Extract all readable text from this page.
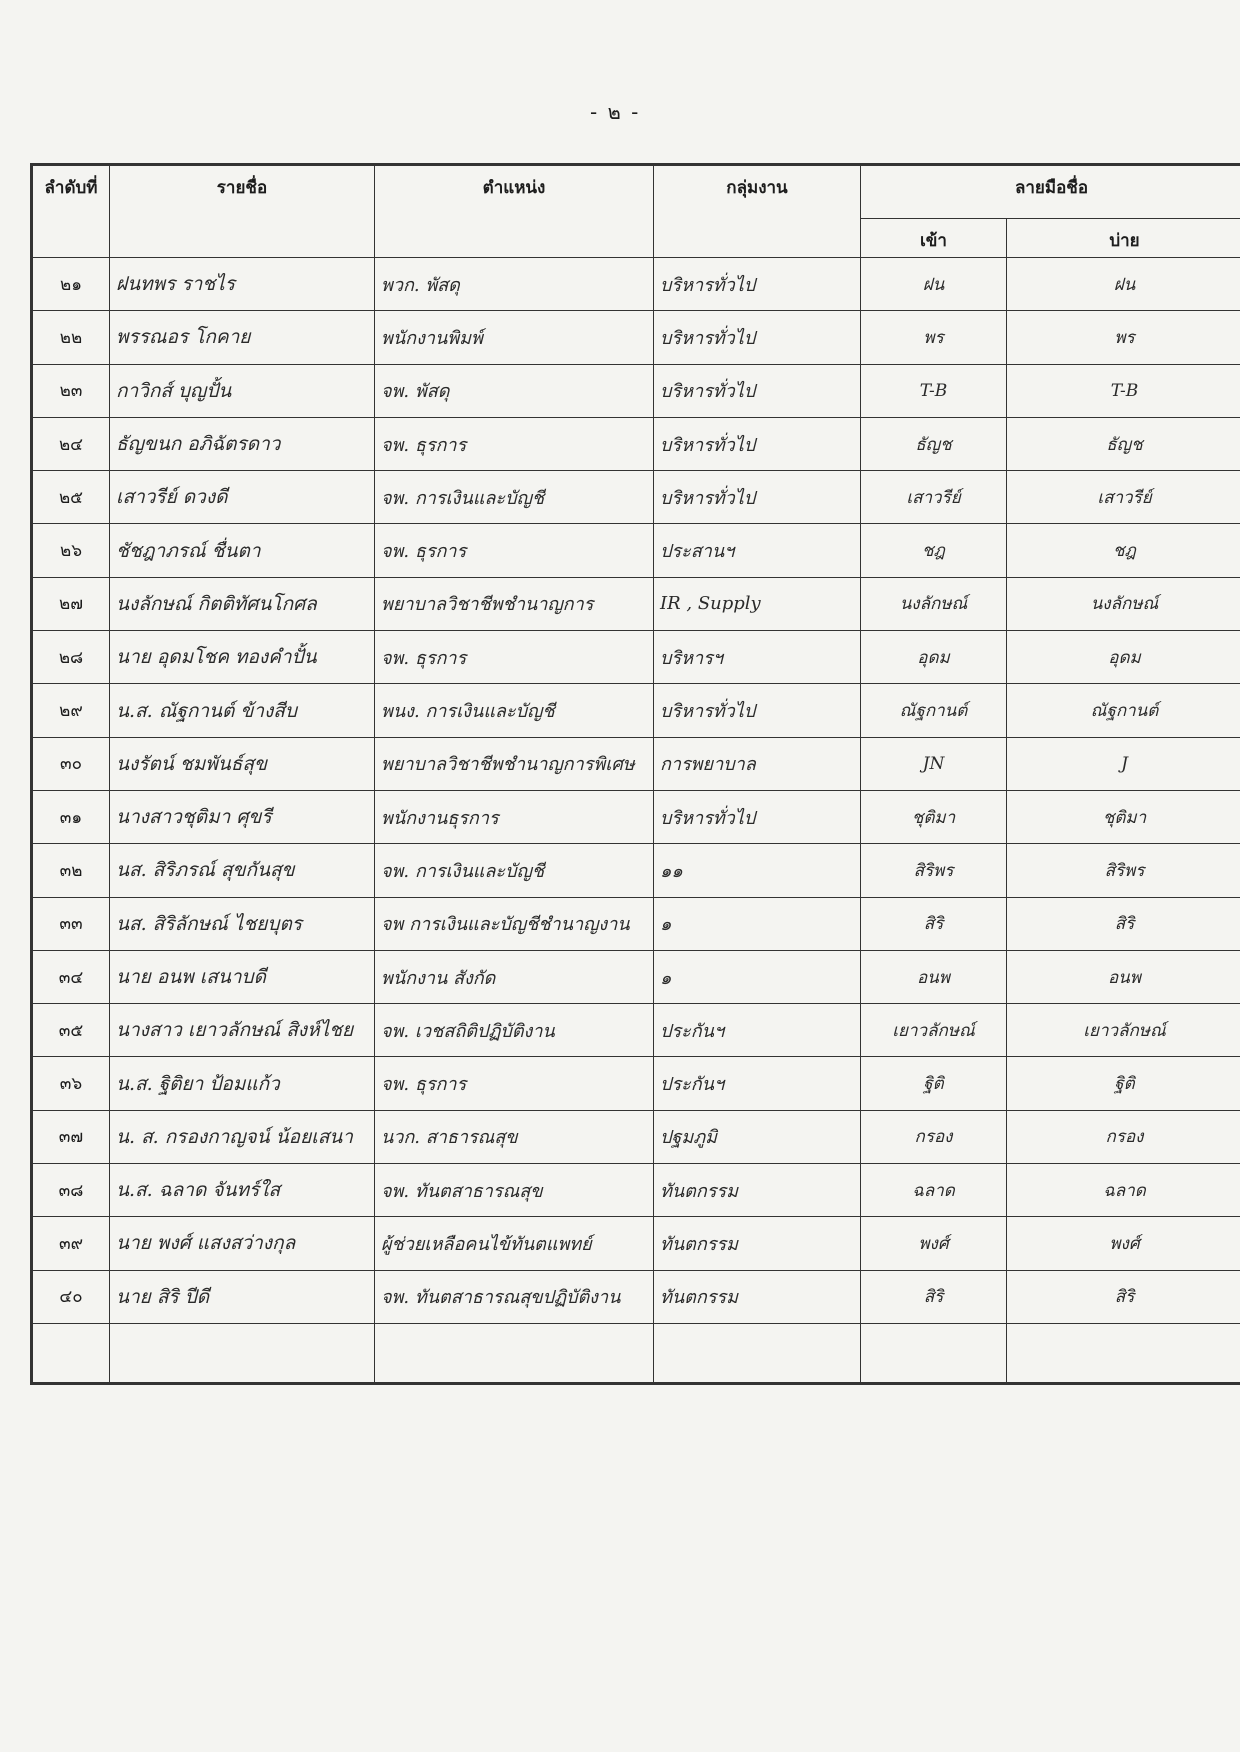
- ๒ -
ลำดับที่	รายชื่อ	ตำแหน่ง	กลุ่มงาน	ลายมือชื่อ	
				เข้า	บ่าย
๒๑	ฝนทพร ราชไร	พวก. พัสดุ	บริหารทั่วไป	ฝน	ฝน
๒๒	พรรณอร โกคาย	พนักงานพิมพ์	บริหารทั่วไป	พร	พร
๒๓	กาวิกส์ บุญปั้น	จพ. พัสดุ	บริหารทั่วไป	T-B	T-B
๒๔	ธัญขนก อภิฉัตรดาว	จพ. ธุรการ	บริหารทั่วไป	ธัญช	ธัญช
๒๕	เสาวรีย์ ดวงดี	จพ. การเงินและบัญชี	บริหารทั่วไป	เสาวรีย์	เสาวรีย์
๒๖	ชัชฎาภรณ์ ชื่นตา	จพ. ธุรการ	ประสานฯ	ชฎ	ชฎ
๒๗	นงลักษณ์ กิตติทัศนโกศล	พยาบาลวิชาชีพชำนาญการ	IR , Supply	นงลักษณ์	นงลักษณ์
๒๘	นาย อุดมโชค ทองคำปั้น	จพ. ธุรการ	บริหารฯ	อุดม	อุดม
๒๙	น.ส. ณัฐกานต์ ข้างสีบ	พนง. การเงินและบัญชี	บริหารทั่วไป	ณัฐกานต์	ณัฐกานต์
๓๐	นงรัตน์ ชมพันธ์สุข	พยาบาลวิชาชีพชำนาญการพิเศษ	การพยาบาล	JN	J
๓๑	นางสาวชุติมา ศุขรี	พนักงานธุรการ	บริหารทั่วไป	ชุติมา	ชุติมา
๓๒	นส. สิริภรณ์ สุขกันสุข	จพ. การเงินและบัญชี	๑๑	สิริพร	สิริพร
๓๓	นส. สิริลักษณ์ ไชยบุตร	จพ การเงินและบัญชีชำนาญงาน	๑	สิริ	สิริ
๓๔	นาย อนพ เสนาบดี	พนักงาน สังกัด	๑	อนพ	อนพ
๓๕	นางสาว เยาวลักษณ์ สิงห์ไชย	จพ. เวชสถิติปฏิบัติงาน	ประกันฯ	เยาวลักษณ์	เยาวลักษณ์
๓๖	น.ส. ฐิติยา ป้อมแก้ว	จพ. ธุรการ	ประกันฯ	ฐิติ	ฐิติ
๓๗	น. ส. กรองกาญจน์ น้อยเสนา	นวก. สาธารณสุข	ปฐมภูมิ	กรอง	กรอง
๓๘	น.ส. ฉลาด จันทร์ใส	จพ. ทันตสาธารณสุข	ทันตกรรม	ฉลาด	ฉลาด
๓๙	นาย พงศ์ แสงสว่างกุล	ผู้ช่วยเหลือคนไข้ทันตแพทย์	ทันตกรรม	พงศ์	พงศ์
๔๐	นาย สิริ ปีดี	จพ. ทันตสาธารณสุขปฏิบัติงาน	ทันตกรรม	สิริ	สิริ
